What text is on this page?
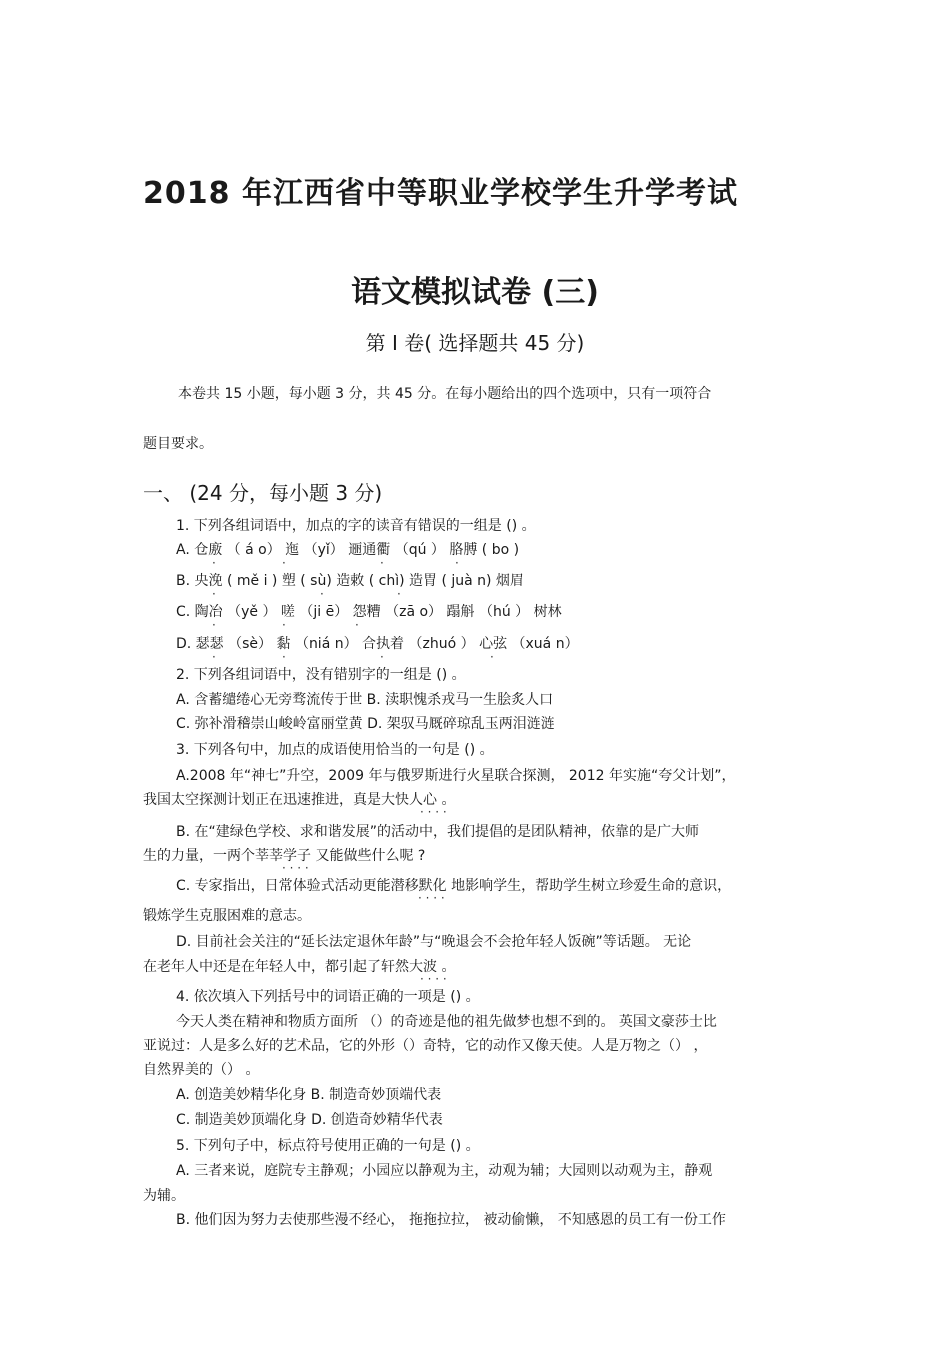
2018 年江西省中等职业学校学生升学考试
语文模拟试卷 (三)
第 Ⅰ 卷( 选择题共 45 分)
本卷共 15 小题，每小题 3 分，共 45 分。在每小题给出的四个选项中，只有一项符合
题目要求。
一、 (24 分，每小题 3 分)
1. 下列各组词语中，加点的字的读音有错误的一组是 () 。
A. 仓廒 （ á o） 迤 （yǐ） 逦通衢 （qú ） 胳膊 ( bo )
B. 央浼 ( mě i ) 塑 ( sù) 造敕 ( chì) 造胃 ( juà n) 烟眉
C. 陶冶 （yě ） 嗟 （ji ē） 怨糟 （zā o） 蹋斛 （hú ） 树林
D. 瑟瑟 （sè） 黏 （niá n） 合执着 （zhuó ） 心弦 （xuá n）
2. 下列各组词语中，没有错别字的一组是 () 。
A. 含蓄缱绻心无旁骛流传于世 B. 渎职愧杀戎马一生脍炙人口
C. 弥补滑稽崇山峻岭富丽堂黄 D. 架驭马厩碎琼乱玉两泪涟涟
3. 下列各句中，加点的成语使用恰当的一句是 () 。
A.2008 年“神七”升空，2009 年与俄罗斯进行火星联合探测， 2012 年实施“夸父计划”，
我国太空探测计划正在迅速推进，真是大快人心 。
B. 在“建绿色学校、求和谐发展”的活动中，我们提倡的是团队精神，依靠的是广大师
生的力量，一两个莘莘学子 又能做些什么呢 ?
C. 专家指出，日常体验式活动更能潜移默化 地影响学生，帮助学生树立珍爱生命的意识，
锻炼学生克服困难的意志。
D. 目前社会关注的“延长法定退休年龄”与“晚退会不会抢年轻人饭碗”等话题。 无论
在老年人中还是在年轻人中，都引起了轩然大波 。
4. 依次填入下列括号中的词语正确的一项是 () 。
今天人类在精神和物质方面所 （）的奇迹是他的祖先做梦也想不到的。 英国文豪莎士比
亚说过：人是多么好的艺术品，它的外形（）奇特，它的动作又像天使。人是万物之（） ，
自然界美的（） 。
A. 创造美妙精华化身 B. 制造奇妙顶端代表
C. 制造美妙顶端化身 D. 创造奇妙精华代表
5. 下列句子中，标点符号使用正确的一句是 () 。
A. 三者来说，庭院专主静观；小园应以静观为主，动观为辅；大园则以动观为主，静观
为辅。
B. 他们因为努力去使那些漫不经心， 拖拖拉拉， 被动偷懒， 不知感恩的员工有一份工作
·	·	·	·
·	·	·
·	·	·
·	·	·	·
· · · ·
· · · ·
· · · ·
· · · ·
